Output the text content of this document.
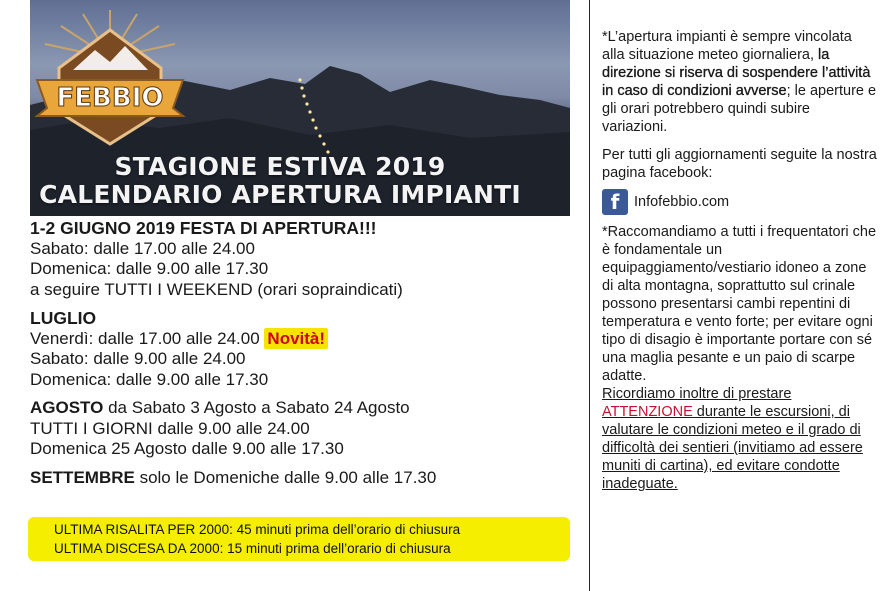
STAGIONE ESTIVA 2019
CALENDARIO APERTURA IMPIANTI
FEBBIO
1-2 GIUGNO 2019 FESTA DI APERTURA!!!
Sabato: dalle 17.00 alle 24.00
Domenica: dalle 9.00 alle 17.30
a seguire TUTTI I WEEKEND (orari sopraindicati)
LUGLIO
Venerdì: dalle 17.00 alle 24.00 Novità!
Sabato: dalle 9.00 alle 24.00
Domenica: dalle 9.00 alle 17.30
AGOSTO da Sabato 3 Agosto a Sabato 24 Agosto
TUTTI I GIORNI dalle 9.00 alle 24.00
Domenica 25 Agosto dalle 9.00 alle 17.30
SETTEMBRE solo le Domeniche dalle 9.00 alle 17.30
ULTIMA RISALITA PER 2000: 45 minuti prima dell’orario di chiusura
ULTIMA DISCESA DA 2000: 15 minuti prima dell’orario di chiusura

*L’apertura impianti è sempre vincolata alla situazione meteo giornaliera, la direzione si riserva di sospendere l’attività in caso di condizioni avverse; le aperture e gli orari potrebbero quindi subire variazioni.

Per tutti gli aggiornamenti seguite la nostra pagina facebook:

f	Infofebbio.com

*Raccomandiamo a tutti i frequentatori che è fondamentale un equipaggiamento/vestiario idoneo a zone di alta montagna, soprattutto sul crinale possono presentarsi cambi repentini di temperatura e vento forte; per evitare ogni tipo di disagio è importante portare con sé una maglia pesante e un paio di scarpe adatte.

Ricordiamo inoltre di prestare ATTENZIONE durante le escursioni, di valutare le condizioni meteo e il grado di difficoltà dei sentieri (invitiamo ad essere muniti di cartina), ed evitare condotte inadeguate.
